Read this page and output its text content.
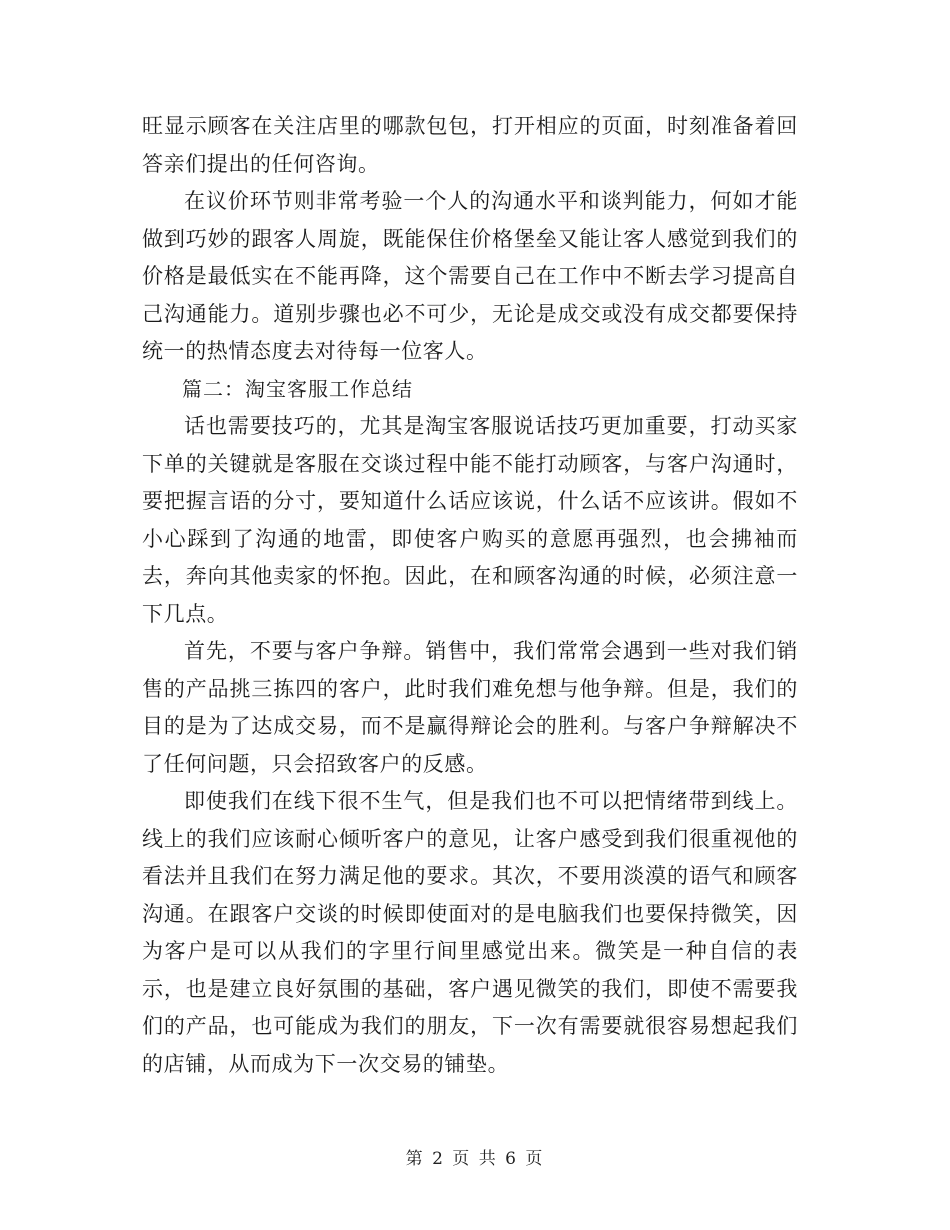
旺显示顾客在关注店里的哪款包包，打开相应的页面，时刻准备着回答亲们提出的任何咨询。

在议价环节则非常考验一个人的沟通水平和谈判能力，何如才能做到巧妙的跟客人周旋，既能保住价格堡垒又能让客人感觉到我们的价格是最低实在不能再降，这个需要自己在工作中不断去学习提高自己沟通能力。道别步骤也必不可少，无论是成交或没有成交都要保持统一的热情态度去对待每一位客人。

篇二：淘宝客服工作总结

话也需要技巧的，尤其是淘宝客服说话技巧更加重要，打动买家下单的关键就是客服在交谈过程中能不能打动顾客，与客户沟通时，要把握言语的分寸，要知道什么话应该说，什么话不应该讲。假如不小心踩到了沟通的地雷，即使客户购买的意愿再强烈，也会拂袖而去，奔向其他卖家的怀抱。因此，在和顾客沟通的时候，必须注意一下几点。

首先，不要与客户争辩。销售中，我们常常会遇到一些对我们销售的产品挑三拣四的客户，此时我们难免想与他争辩。但是，我们的目的是为了达成交易，而不是赢得辩论会的胜利。与客户争辩解决不了任何问题，只会招致客户的反感。

即使我们在线下很不生气，但是我们也不可以把情绪带到线上。线上的我们应该耐心倾听客户的意见，让客户感受到我们很重视他的看法并且我们在努力满足他的要求。其次，不要用淡漠的语气和顾客沟通。在跟客户交谈的时候即使面对的是电脑我们也要保持微笑，因为客户是可以从我们的字里行间里感觉出来。微笑是一种自信的表示，也是建立良好氛围的基础，客户遇见微笑的我们，即使不需要我们的产品，也可能成为我们的朋友，下一次有需要就很容易想起我们的店铺，从而成为下一次交易的铺垫。

第 2 页 共 6 页
